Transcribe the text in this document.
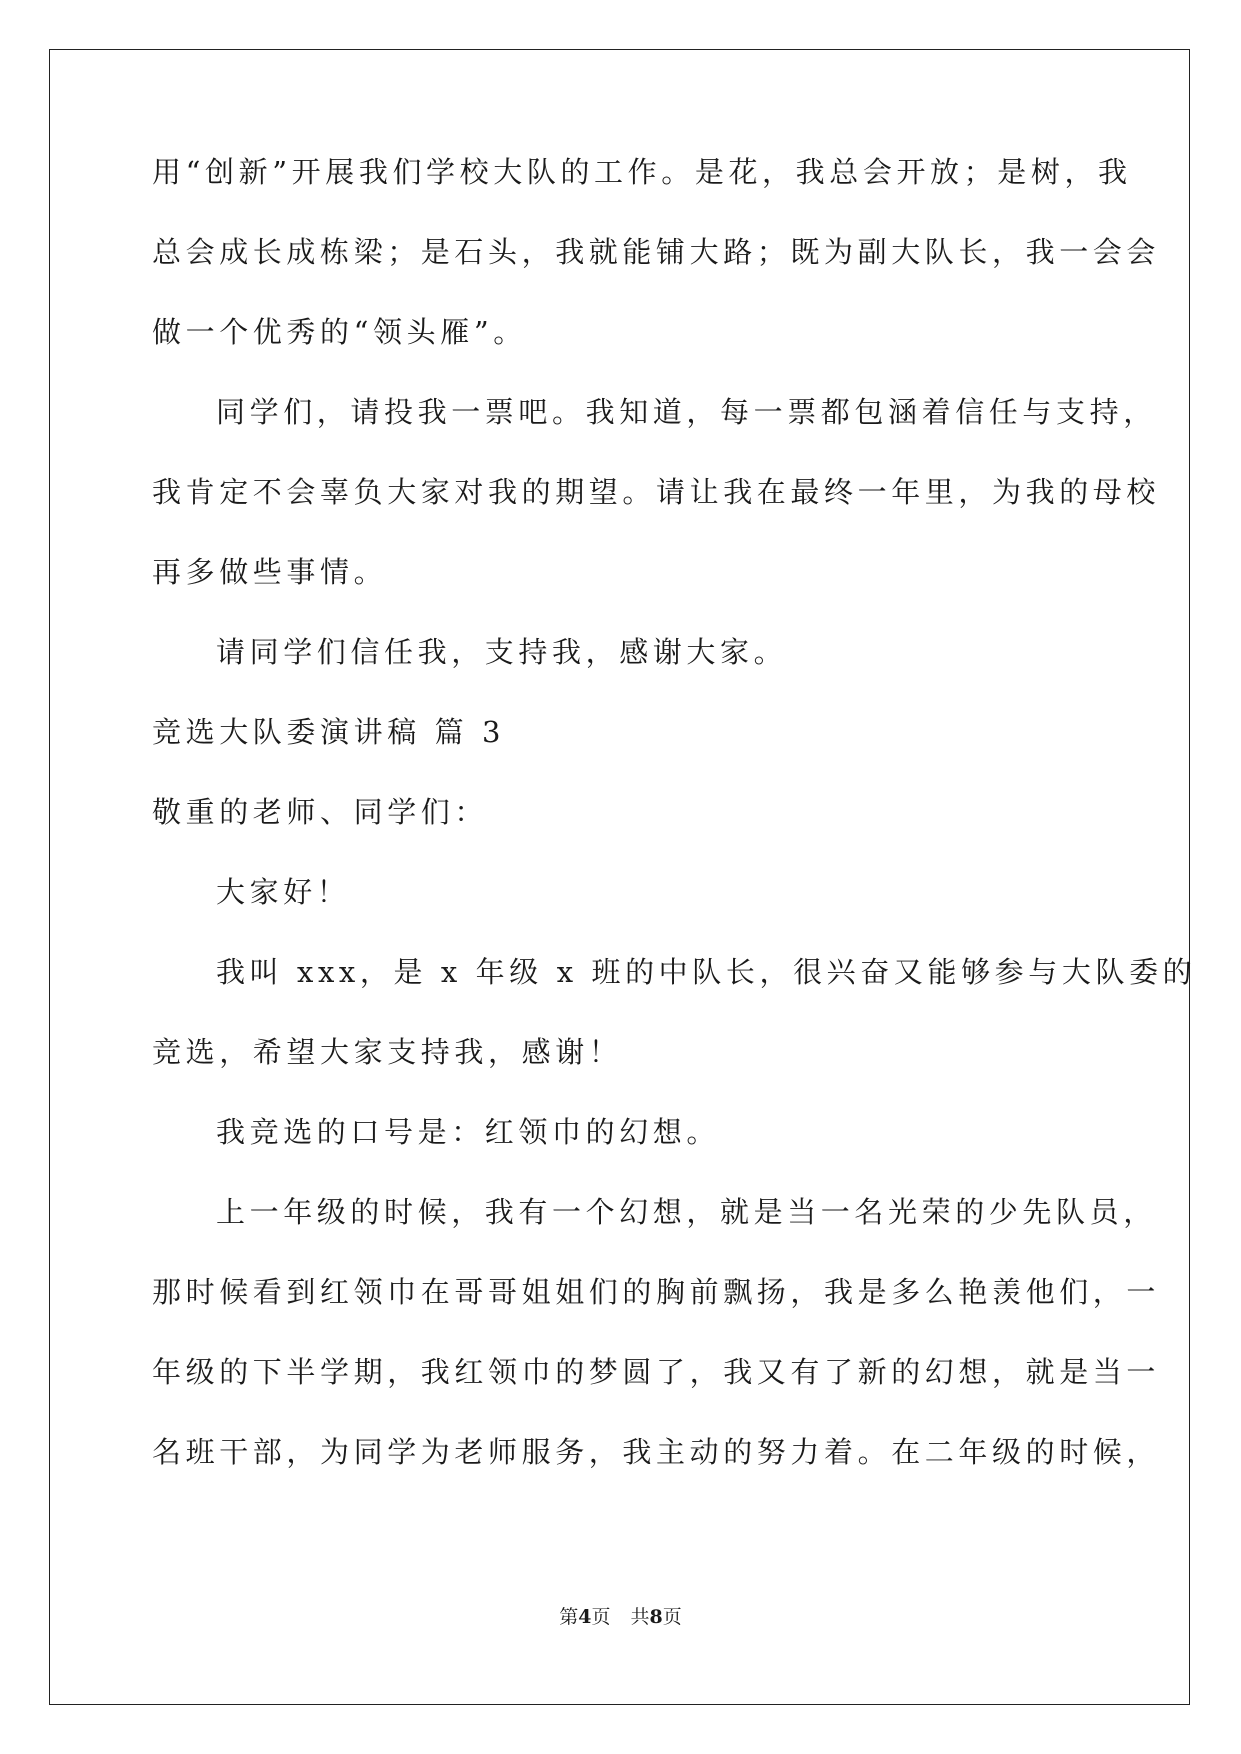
用“创新”开展我们学校大队的工作。是花，我总会开放；是树，我
总会成长成栋梁；是石头，我就能铺大路；既为副大队长，我一会会
做一个优秀的“领头雁”。
同学们，请投我一票吧。我知道，每一票都包涵着信任与支持，
我肯定不会辜负大家对我的期望。请让我在最终一年里，为我的母校
再多做些事情。
请同学们信任我，支持我，感谢大家。
竞选大队委演讲稿 篇 3
敬重的老师、同学们：
大家好！
我叫 xxx，是 x 年级 x 班的中队长，很兴奋又能够参与大队委的
竞选，希望大家支持我，感谢！
我竞选的口号是：红领巾的幻想。
上一年级的时候，我有一个幻想，就是当一名光荣的少先队员，
那时候看到红领巾在哥哥姐姐们的胸前飘扬，我是多么艳羡他们，一
年级的下半学期，我红领巾的梦圆了，我又有了新的幻想，就是当一
名班干部，为同学为老师服务，我主动的努力着。在二年级的时候，
第4页 共8页
